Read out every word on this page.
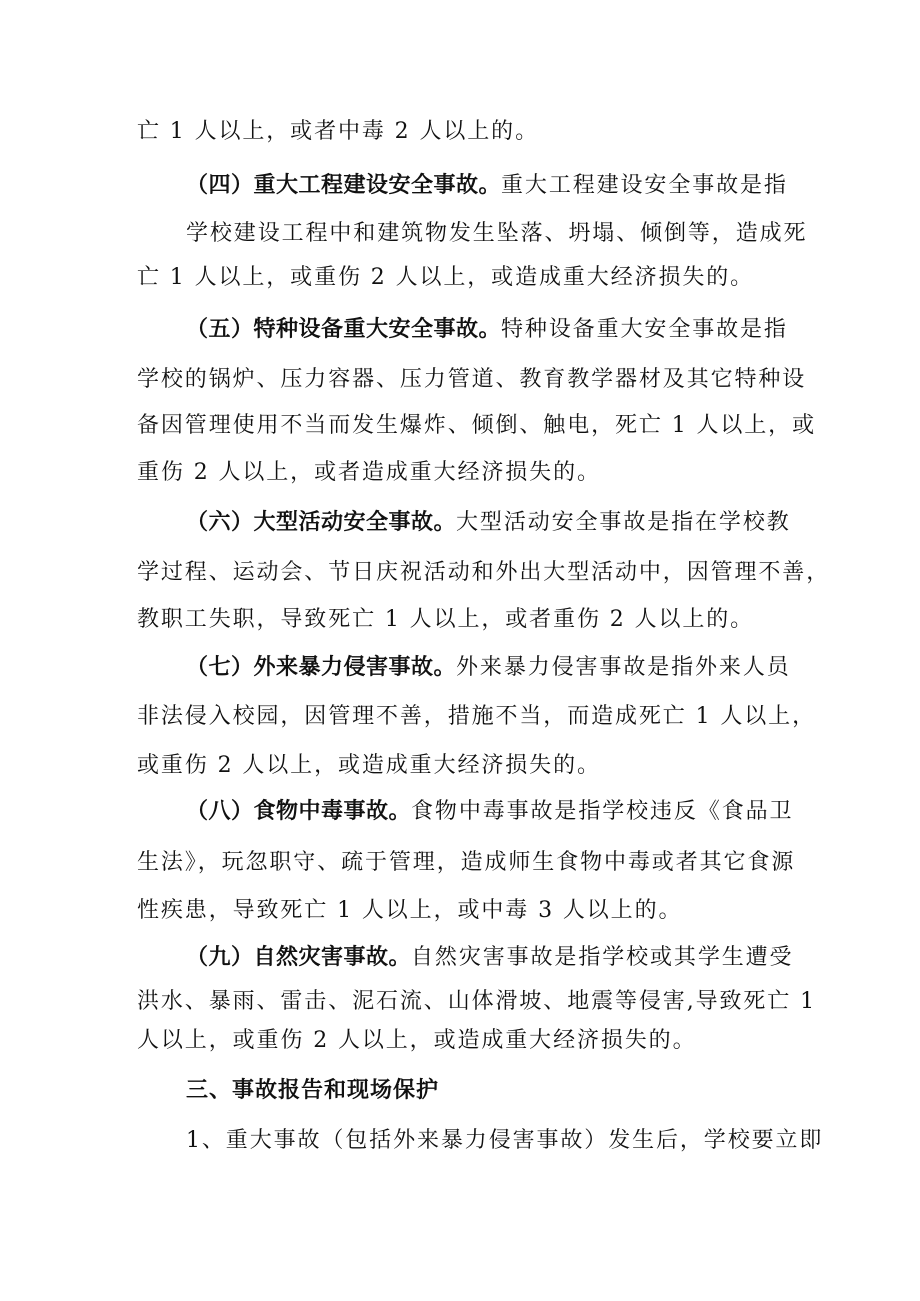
亡 1 人以上，或者中毒 2 人以上的。
（四）重大工程建设安全事故。重大工程建设安全事故是指
学校建设工程中和建筑物发生坠落、坍塌、倾倒等，造成死
亡 1 人以上，或重伤 2 人以上，或造成重大经济损失的。
（五）特种设备重大安全事故。特种设备重大安全事故是指
学校的锅炉、压力容器、压力管道、教育教学器材及其它特种设
备因管理使用不当而发生爆炸、倾倒、触电，死亡 1 人以上，或
重伤 2 人以上，或者造成重大经济损失的。
（六）大型活动安全事故。大型活动安全事故是指在学校教
学过程、运动会、节日庆祝活动和外出大型活动中，因管理不善，
教职工失职，导致死亡 1 人以上，或者重伤 2 人以上的。
（七）外来暴力侵害事故。外来暴力侵害事故是指外来人员
非法侵入校园，因管理不善，措施不当，而造成死亡 1 人以上，
或重伤 2 人以上，或造成重大经济损失的。
（八）食物中毒事故。食物中毒事故是指学校违反《食品卫
生法》，玩忽职守、疏于管理，造成师生食物中毒或者其它食源
性疾患，导致死亡 1 人以上，或中毒 3 人以上的。
（九）自然灾害事故。自然灾害事故是指学校或其学生遭受
洪水、暴雨、雷击、泥石流、山体滑坡、地震等侵害,导致死亡 1
人以上，或重伤 2 人以上，或造成重大经济损失的。
三、事故报告和现场保护
1、重大事故（包括外来暴力侵害事故）发生后，学校要立即
